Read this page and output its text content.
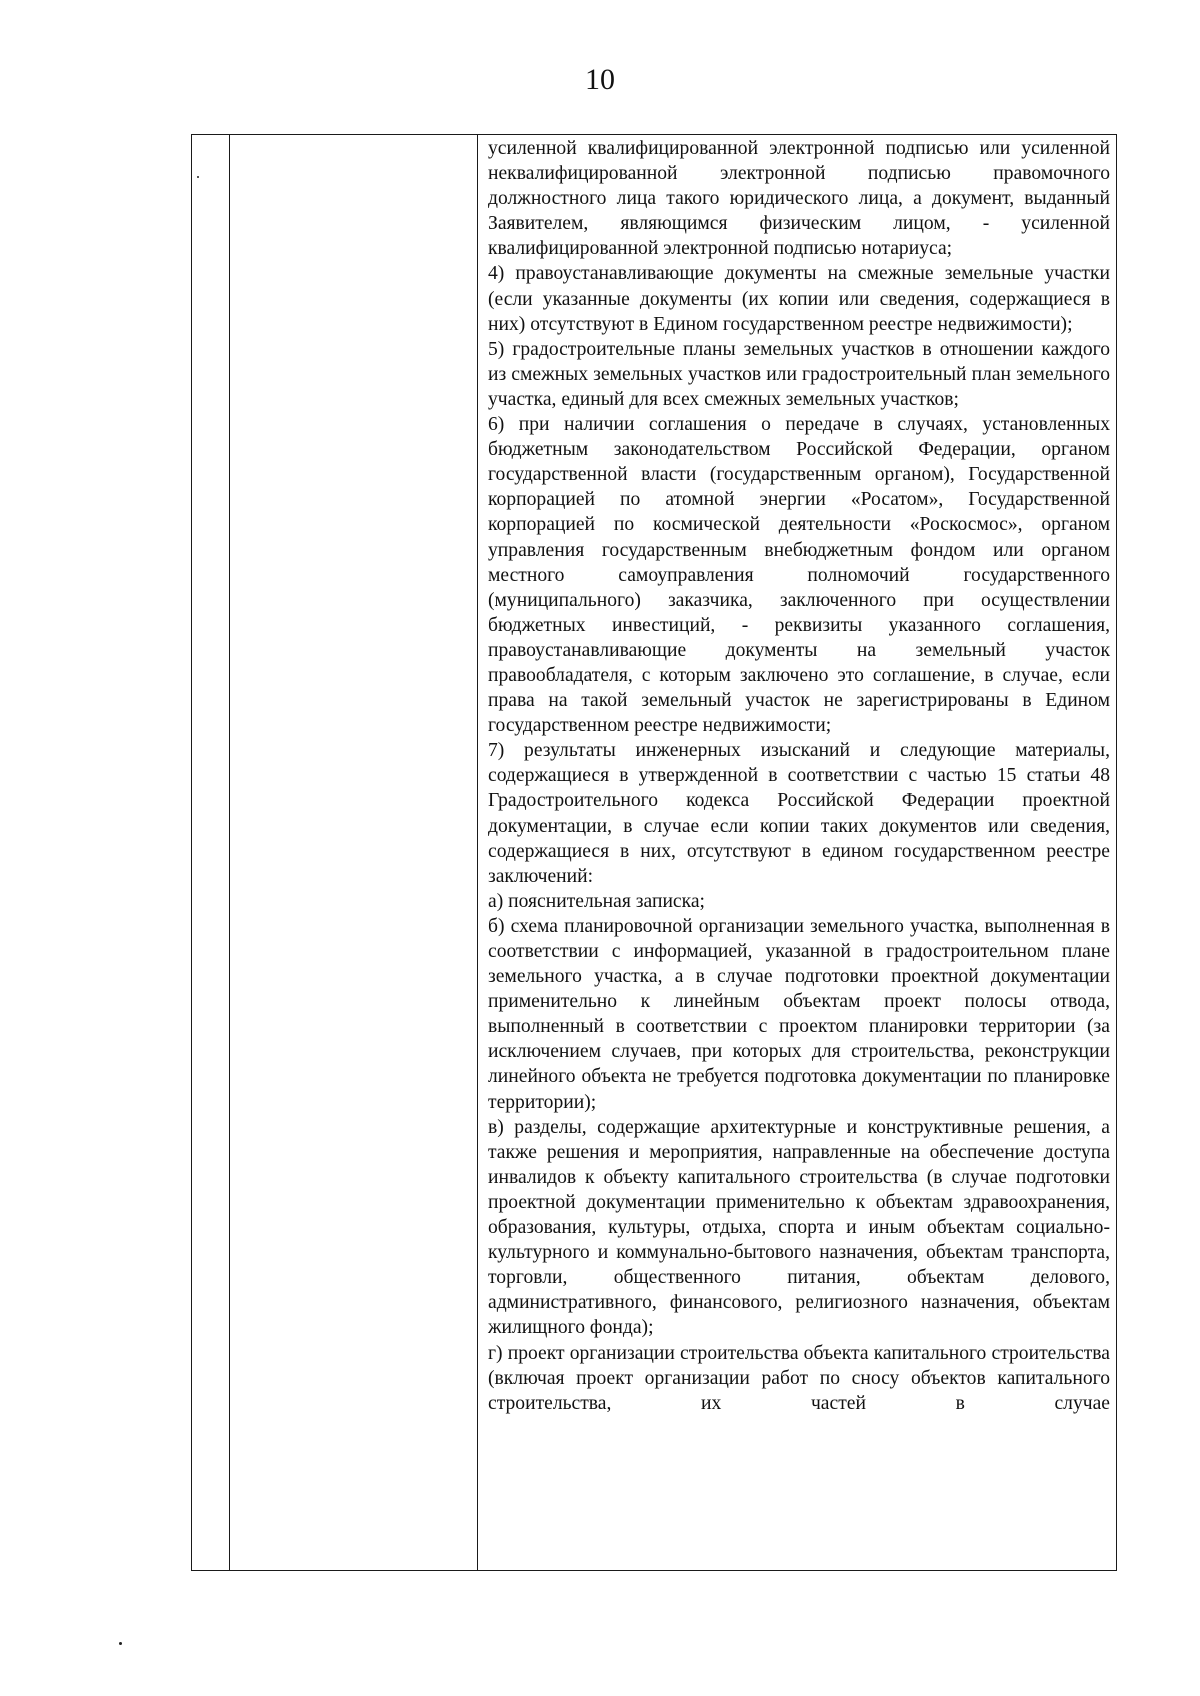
10

усиленной квалифицированной электронной подписью или усиленной неквалифицированной электронной подписью правомочного должностного лица такого юридического лица, а документ, выданный Заявителем, являющимся физическим лицом, - усиленной квалифицированной электронной подписью нотариуса;

4) правоустанавливающие документы на смежные земельные участки (если указанные документы (их копии или сведения, содержащиеся в них) отсутствуют в Едином государственном реестре недвижимости);

5) градостроительные планы земельных участков в отношении каждого из смежных земельных участков или градостроительный план земельного участка, единый для всех смежных земельных участков;

6) при наличии соглашения о передаче в случаях, установленных бюджетным законодательством Российской Федерации, органом государственной власти (государственным органом), Государственной корпорацией по атомной энергии «Росатом», Государственной корпорацией по космической деятельности «Роскосмос», органом управления государственным внебюджетным фондом или органом местного самоуправления полномочий государственного (муниципального) заказчика, заключенного при осуществлении бюджетных инвестиций, - реквизиты указанного соглашения, правоустанавливающие документы на земельный участок правообладателя, с которым заключено это соглашение, в случае, если права на такой земельный участок не зарегистрированы в Едином государственном реестре недвижимости;

7) результаты инженерных изысканий и следующие материалы, содержащиеся в утвержденной в соответствии с частью 15 статьи 48 Градостроительного кодекса Российской Федерации проектной документации, в случае если копии таких документов или сведения, содержащиеся в них, отсутствуют в едином государственном реестре заключений:

а) пояснительная записка;

б) схема планировочной организации земельного участка, выполненная в соответствии с информацией, указанной в градостроительном плане земельного участка, а в случае подготовки проектной документации применительно к линейным объектам проект полосы отвода, выполненный в соответствии с проектом планировки территории (за исключением случаев, при которых для строительства, реконструкции линейного объекта не требуется подготовка документации по планировке территории);

в) разделы, содержащие архитектурные и конструктивные решения, а также решения и мероприятия, направленные на обеспечение доступа инвалидов к объекту капитального строительства (в случае подготовки проектной документации применительно к объектам здравоохранения, образования, культуры, отдыха, спорта и иным объектам социально-культурного и коммунально-бытового назначения, объектам транспорта, торговли, общественного питания, объектам делового, административного, финансового, религиозного назначения, объектам жилищного фонда);

г) проект организации строительства объекта капитального строительства (включая проект организации работ по сносу объектов капитального строительства, их частей в случае
